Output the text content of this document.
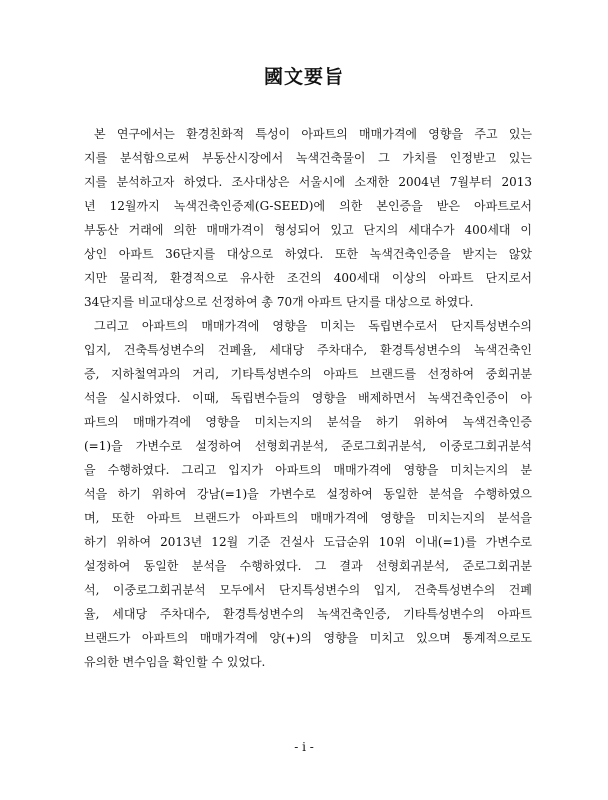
國文要旨
본 연구에서는 환경친화적 특성이 아파트의 매매가격에 영향을 주고 있는
지를 분석함으로써 부동산시장에서 녹색건축물이 그 가치를 인정받고 있는
지를 분석하고자 하였다. 조사대상은 서울시에 소재한 2004년 7월부터 2013
년 12월까지 녹색건축인증제(G-SEED)에 의한 본인증을 받은 아파트로서
부동산 거래에 의한 매매가격이 형성되어 있고 단지의 세대수가 400세대 이
상인 아파트 36단지를 대상으로 하였다. 또한 녹색건축인증을 받지는 않았
지만 물리적, 환경적으로 유사한 조건의 400세대 이상의 아파트 단지로서
34단지를 비교대상으로 선정하여 총 70개 아파트 단지를 대상으로 하였다.
그리고 아파트의 매매가격에 영향을 미치는 독립변수로서 단지특성변수의
입지, 건축특성변수의 건폐율, 세대당 주차대수, 환경특성변수의 녹색건축인
증, 지하철역과의 거리, 기타특성변수의 아파트 브랜드를 선정하여 중회귀분
석을 실시하였다. 이때, 독립변수들의 영향을 배제하면서 녹색건축인증이 아
파트의 매매가격에 영향을 미치는지의 분석을 하기 위하여 녹색건축인증
(=1)을 가변수로 설정하여 선형회귀분석, 준로그회귀분석, 이중로그회귀분석
을 수행하였다. 그리고 입지가 아파트의 매매가격에 영향을 미치는지의 분
석을 하기 위하여 강남(=1)을 가변수로 설정하여 동일한 분석을 수행하였으
며, 또한 아파트 브랜드가 아파트의 매매가격에 영향을 미치는지의 분석을
하기 위하여 2013년 12월 기준 건설사 도급순위 10위 이내(=1)를 가변수로
설정하여 동일한 분석을 수행하였다. 그 결과 선형회귀분석, 준로그회귀분
석, 이중로그회귀분석 모두에서 단지특성변수의 입지, 건축특성변수의 건폐
율, 세대당 주차대수, 환경특성변수의 녹색건축인증, 기타특성변수의 아파트
브랜드가 아파트의 매매가격에 양(+)의 영향을 미치고 있으며 통계적으로도
유의한 변수임을 확인할 수 있었다.
- i -
